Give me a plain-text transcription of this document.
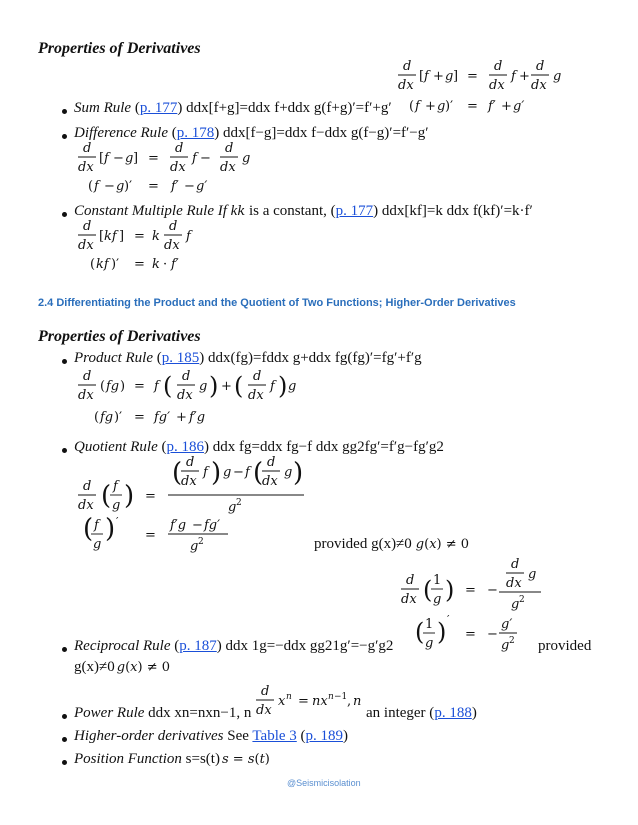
Properties of Derivatives
d
dx
[ f + g ] =
d
dx
f +
d
dx
g
( f + g )′ = f′ + g′
Sum Rule (p. 177) ddx[f+g]=ddx f+ddx g(f+g)′=f′+g′
Difference Rule (p. 178) ddx[f−g]=ddx f−ddx g(f−g)′=f′−g′
d
dx
[ f − g ] =
d
dx
f −
d
dx
g
( f − g )′ = f′ − g′
Constant Multiple Rule If kk is a constant, (p. 177) ddx[kf]=k ddx f(kf)′=k·f′
d
dx
[ kf ] = k
d
dx
f
( kf )′ = k · f′
2.4 Differentiating the Product and the Quotient of Two Functions; Higher-Order Derivatives
Properties of Derivatives
Product Rule (p. 185) ddx(fg)=fddx g+ddx fg(fg)′=fg′+f′g
d
dx
( fg ) = f ( d
dx
g ) + ( d
dx
f ) g
( fg )′ = fg′ + f′g
Quotient Rule (p. 186) ddx fg=ddx fg−f ddx gg2fg′=f′g−fg′g2
d
dx ( f
g ) =
( d
dx
f ) g − f ( d
dx
g )
g 2
( f
g
) ′
=
f′g − fg′
g 2	provided g(x)≠0 g(x) ≠ 0
d
dx ( 1
g ) = −
d
dx
g
g 2
( 1
g ) ′
= −
g′
g 2
Reciprocal Rule (p. 187) ddx 1g=−ddx gg21g′=−g′g2	provided
g(x)≠0 g(x) ≠ 0
Power Rule ddx xn=nxn−1, n
d
dx
x n = nx n −1 , n
an integer (p. 188)
Higher-order derivatives See Table 3 (p. 189)
Position Function s=s(t) s = s(t)
@Seismicisolation
